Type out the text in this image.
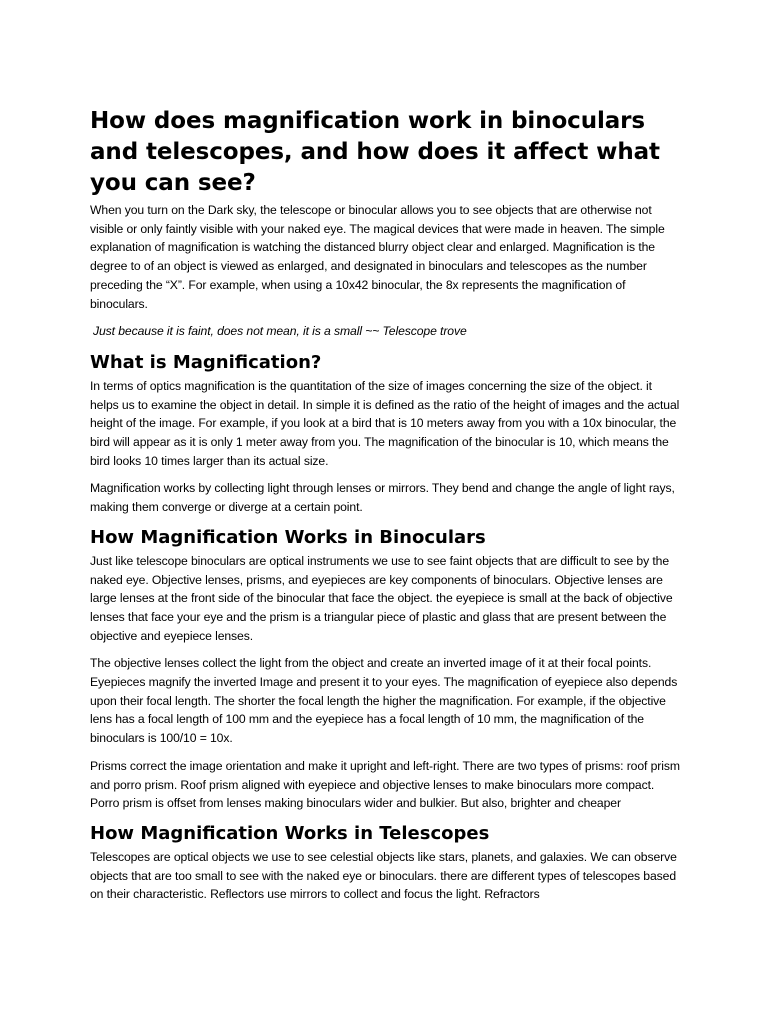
How does magnification work in binoculars and telescopes, and how does it affect what you can see?

When you turn on the Dark sky, the telescope or binocular allows you to see objects that are otherwise not visible or only faintly visible with your naked eye. The magical devices that were made in heaven. The simple explanation of magnification is watching the distanced blurry object clear and enlarged. Magnification is the degree to of an object is viewed as enlarged, and designated in binoculars and telescopes as the number preceding the “X”. For example, when using a 10x42 binocular, the 8x represents the magnification of binoculars.

Just because it is faint, does not mean, it is a small ~~ Telescope trove

What is Magnification?

In terms of optics magnification is the quantitation of the size of images concerning the size of the object. it helps us to examine the object in detail. In simple it is defined as the ratio of the height of images and the actual height of the image. For example, if you look at a bird that is 10 meters away from you with a 10x binocular, the bird will appear as it is only 1 meter away from you. The magnification of the binocular is 10, which means the bird looks 10 times larger than its actual size.

Magnification works by collecting light through lenses or mirrors. They bend and change the angle of light rays, making them converge or diverge at a certain point.

How Magnification Works in Binoculars

Just like telescope binoculars are optical instruments we use to see faint objects that are difficult to see by the naked eye. Objective lenses, prisms, and eyepieces are key components of binoculars. Objective lenses are large lenses at the front side of the binocular that face the object. the eyepiece is small at the back of objective lenses that face your eye and the prism is a triangular piece of plastic and glass that are present between the objective and eyepiece lenses.

The objective lenses collect the light from the object and create an inverted image of it at their focal points. Eyepieces magnify the inverted Image and present it to your eyes. The magnification of eyepiece also depends upon their focal length. The shorter the focal length the higher the magnification. For example, if the objective lens has a focal length of 100 mm and the eyepiece has a focal length of 10 mm, the magnification of the binoculars is 100/10 = 10x.

Prisms correct the image orientation and make it upright and left-right. There are two types of prisms: roof prism and porro prism. Roof prism aligned with eyepiece and objective lenses to make binoculars more compact. Porro prism is offset from lenses making binoculars wider and bulkier. But also, brighter and cheaper

How Magnification Works in Telescopes

Telescopes are optical objects we use to see celestial objects like stars, planets, and galaxies. We can observe objects that are too small to see with the naked eye or binoculars. there are different types of telescopes based on their characteristic. Reflectors use mirrors to collect and focus the light. Refractors
